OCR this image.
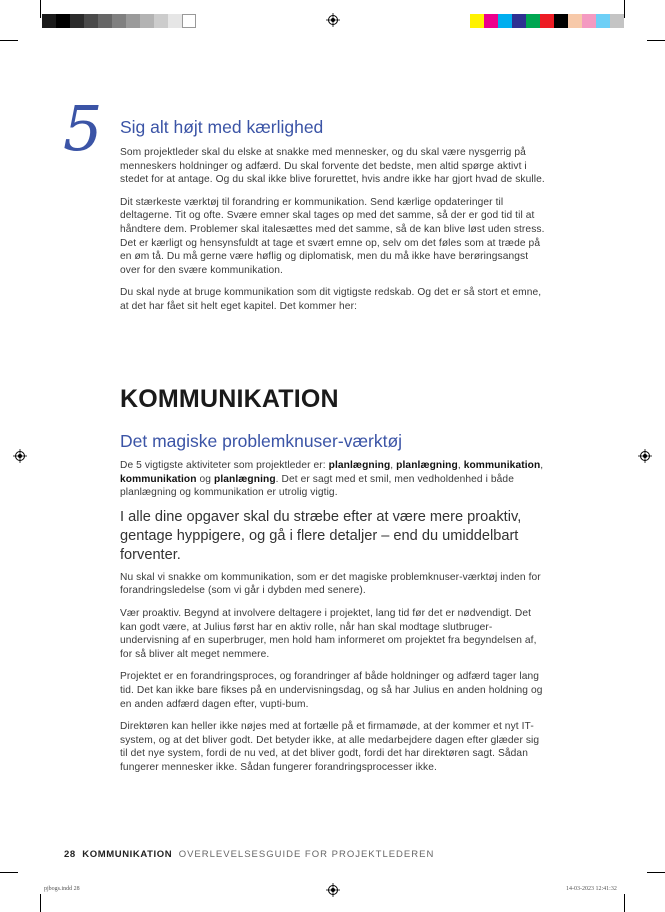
5 Sig alt højt med kærlighed

Som projektleder skal du elske at snakke med mennesker, og du skal være nysgerrig på menneskers holdninger og adfærd. Du skal forvente det bedste, men altid spørge aktivt i stedet for at antage. Og du skal ikke blive forurettet, hvis andre ikke har gjort hvad de skulle.

Dit stærkeste værktøj til forandring er kommunikation. Send kærlige opdateringer til deltagerne. Tit og ofte. Svære emner skal tages op med det samme, så der er god tid til at håndtere dem. Problemer skal italesættes med det samme, så de kan blive løst uden stress. Det er kærligt og hensynsfuldt at tage et svært emne op, selv om det føles som at træde på en øm tå. Du må gerne være høflig og diplomatisk, men du må ikke have berøringsangst over for den svære kommunikation.

Du skal nyde at bruge kommunikation som dit vigtigste redskab. Og det er så stort et emne, at det har fået sit helt eget kapitel. Det kommer her:

KOMMUNIKATION
Det magiske problemknuser-værktøj

De 5 vigtigste aktiviteter som projektleder er: planlægning, planlægning, kommunikation, kommunikation og planlægning. Det er sagt med et smil, men vedholdenhed i både planlægning og kommunikation er utrolig vigtig.

I alle dine opgaver skal du stræbe efter at være mere proaktiv, gentage hyppigere, og gå i flere detaljer – end du umiddelbart forventer.

Nu skal vi snakke om kommunikation, som er det magiske problemknuser-værktøj inden for forandringsledelse (som vi går i dybden med senere).

Vær proaktiv. Begynd at involvere deltagere i projektet, lang tid før det er nødvendigt. Det kan godt være, at Julius først har en aktiv rolle, når han skal modtage slutbruger-undervisning af en superbruger, men hold ham informeret om projektet fra begyndelsen af, for så bliver alt meget nemmere.

Projektet er en forandringsproces, og forandringer af både holdninger og adfærd tager lang tid. Det kan ikke bare fikses på en undervisningsdag, og så har Julius en anden holdning og en anden adfærd dagen efter, vupti-bum.

Direktøren kan heller ikke nøjes med at fortælle på et firmamøde, at der kommer et nyt IT-system, og at det bliver godt. Det betyder ikke, at alle medarbejdere dagen efter glæder sig til det nye system, fordi de nu ved, at det bliver godt, fordi det har direktøren sagt. Sådan fungerer mennesker ikke. Sådan fungerer forandringsprocesser ikke.

28 KOMMUNIKATION OVERLEVELSESGUIDE FOR PROJEKTLEDEREN
pjbogs.indd 28	14-03-2023 12:41:32
